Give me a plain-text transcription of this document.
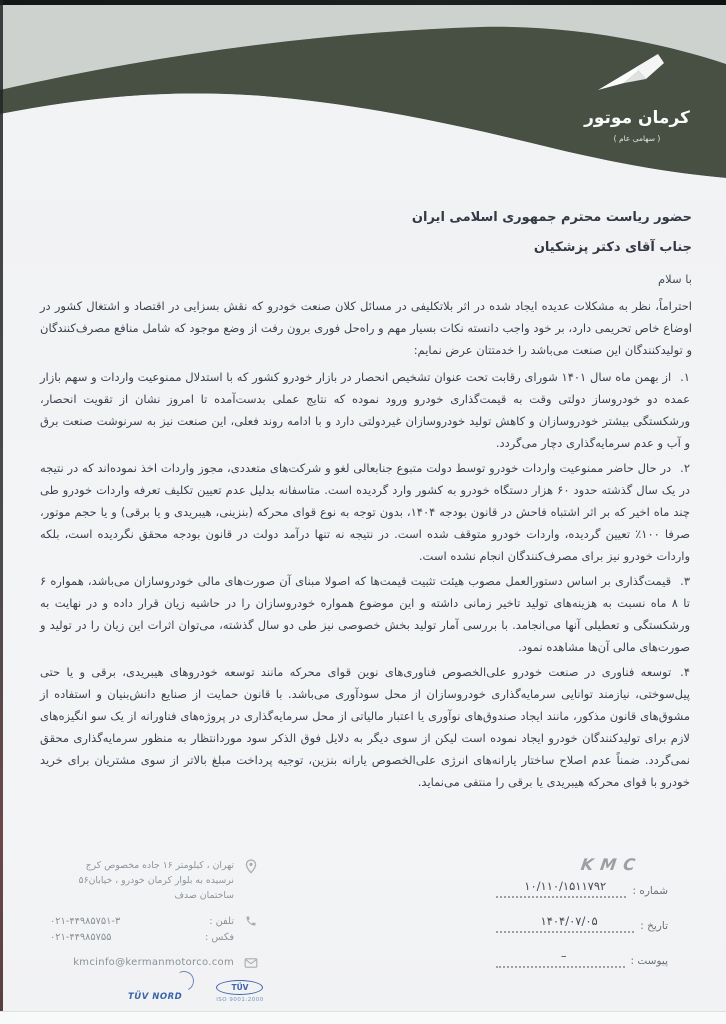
کرمان موتور
( سهامی عام )
حضور ریاست محترم جمهوری اسلامی ایران
جناب آقای دکتر پزشکیان
با سلام

احتراماً، نظر به مشکلات عدیده ایجاد شده در اثر بلاتکلیفی در مسائل کلان صنعت خودرو که نقش بسزایی در اقتصاد و اشتغال کشور در اوضاع خاص تحریمی دارد، بر خود واجب دانسته نکات بسیار مهم و راه‌حل فوری برون رفت از وضع موجود که شامل منافع مصرف‌کنندگان و تولیدکنندگان این صنعت می‌باشد را خدمتتان عرض نمایم:

۱.از بهمن ماه سال ۱۴۰۱ شورای رقابت تحت عنوان تشخیص انحصار در بازار خودرو کشور که با استدلال ممنوعیت واردات و سهم بازار عمده دو خودروساز دولتی وقت به قیمت‌گذاری خودرو ورود نموده که نتایج عملی بدست‌آمده تا امروز نشان از تقویت انحصار، ورشکستگی بیشتر خودروسازان و کاهش تولید خودروسازان غیردولتی دارد و با ادامه روند فعلی، این صنعت نیز به سرنوشت صنعت برق و آب و عدم سرمایه‌گذاری دچار می‌گردد.
۲.در حال حاضر ممنوعیت واردات خودرو توسط دولت متبوع جنابعالی لغو و شرکت‌های متعددی، مجوز واردات اخذ نموده‌اند که در نتیجه در یک سال گذشته حدود ۶۰ هزار دستگاه خودرو به کشور وارد گردیده است. متاسفانه بدلیل عدم تعیین تکلیف تعرفه واردات خودرو طی چند ماه اخیر که بر اثر اشتباه فاحش در قانون بودجه ۱۴۰۴، بدون توجه به نوع قوای محرکه (بنزینی، هیبریدی و یا برقی) و یا حجم موتور، صرفا ۱۰۰٪ تعیین گردیده، واردات خودرو متوقف شده است. در نتیجه نه تنها درآمد دولت در قانون بودجه محقق نگردیده است، بلکه واردات خودرو نیز برای مصرف‌کنندگان انجام نشده است.
۳.قیمت‌گذاری بر اساس دستورالعمل مصوب هیئت تثبیت قیمت‌ها که اصولا مبنای آن صورت‌های مالی خودروسازان می‌باشد، همواره ۶ تا ۸ ماه نسبت به هزینه‌های تولید تاخیر زمانی داشته و این موضوع همواره خودروسازان را در حاشیه زیان قرار داده و در نهایت به ورشکستگی و تعطیلی آنها می‌انجامد. با بررسی آمار تولید بخش خصوصی نیز طی دو سال گذشته، می‌توان اثرات این زیان را در تولید و صورت‌های مالی آن‌ها مشاهده نمود.
۴.توسعه فناوری در صنعت خودرو علی‌الخصوص فناوری‌های نوین قوای محرکه مانند توسعه خودروهای هیبریدی، برقی و یا حتی پیل‌سوختی، نیازمند توانایی سرمایه‌گذاری خودروسازان از محل سودآوری می‌باشد. با قانون حمایت از صنایع دانش‌بنیان و استفاده از مشوق‌های قانون مذکور، مانند ایجاد صندوق‌های نوآوری یا اعتبار مالیاتی از محل سرمایه‌گذاری در پروژه‌های فناورانه از یک سو انگیزه‌های لازم برای تولیدکنندگان خودرو ایجاد نموده است لیکن از سوی دیگر به دلایل فوق الذکر سود موردانتظار به منظور سرمایه‌گذاری محقق نمی‌گردد. ضمناً عدم اصلاح ساختار یارانه‌های انرژی علی‌الخصوص یارانه بنزین، توجیه پرداخت مبلغ بالاتر از سوی مشتریان برای خرید خودرو با قوای محرکه هیبریدی یا برقی را منتفی می‌نماید.
تهران ، کیلومتر ۱۶ جاده مخصوص کرج
نرسیده به بلوار کرمان خودرو ، خیابان۵۶
ساختمان صدف
تلفن :
۰۲۱-۴۴۹۸۵۷۵۱-۳
فکس :
۰۲۱-۴۴۹۸۵۷۵۵
kmcinfo@kermanmotorco.com
KMC
شماره :
۱۰/۱۱۰/۱۵۱۱۷۹۲
تاریخ :
۱۴۰۴/۰۷/۰۵
پیوست :
–
TÜV NORD
TÜV
ISO 9001:2000
